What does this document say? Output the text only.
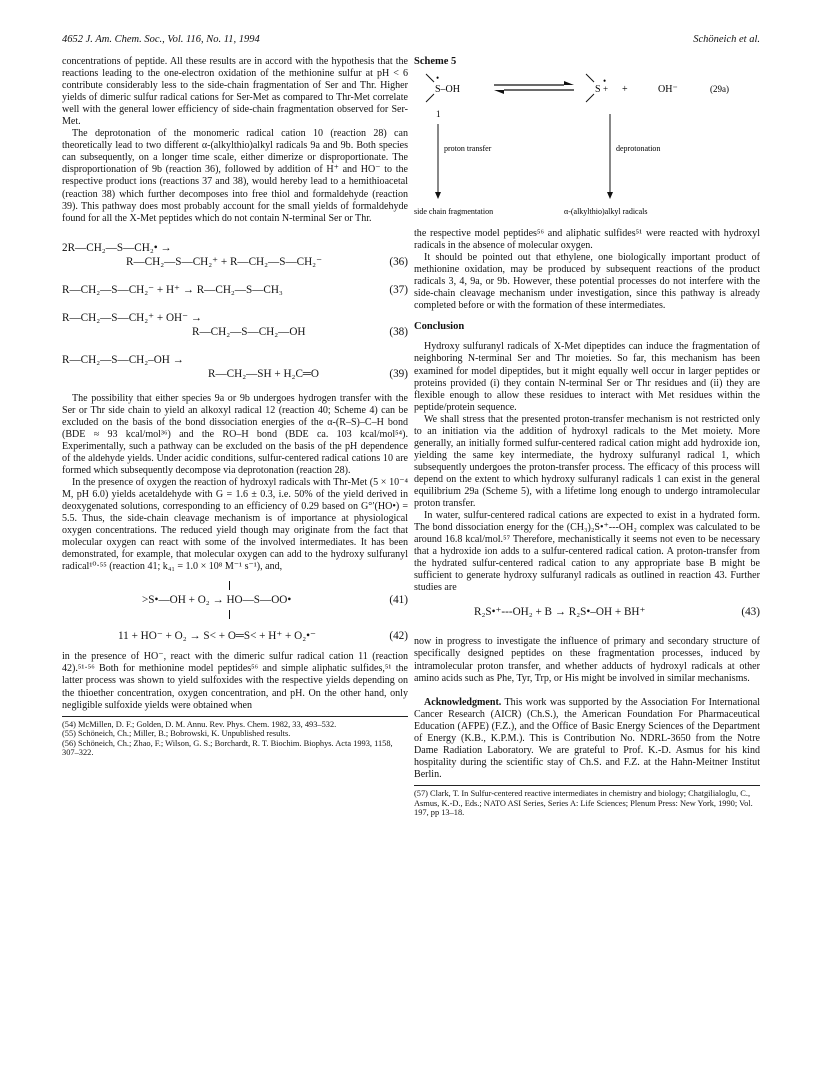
4652 J. Am. Chem. Soc., Vol. 116, No. 11, 1994	Schöneich et al.

concentrations of peptide. All these results are in accord with the hypothesis that the reactions leading to the one-electron oxidation of the methionine sulfur at pH < 6 contribute considerably less to the side-chain fragmentation of Ser and Thr. Higher yields of dimeric sulfur radical cations for Ser-Met as compared to Thr-Met correlate well with the general lower efficiency of side-chain fragmentation observed for Ser-Met.

The deprotonation of the monomeric radical cation 10 (reaction 28) can theoretically lead to two different α-(alkylthio)alkyl radicals 9a and 9b. Both species can subsequently, on a longer time scale, either dimerize or disproportionate. The disproportionation of 9b (reaction 36), followed by addition of H⁺ and HO⁻ to the respective product ions (reactions 37 and 38), would hereby lead to a hemithioacetal (reaction 38) which further decomposes into free thiol and formaldehyde (reaction 39). This pathway does most probably account for the small yields of formaldehyde found for all the X-Met peptides which do not contain N-terminal Ser or Thr.

2R—CH₂—S—CH₂• →
R—CH₂—S—CH₂⁺ + R—CH₂—S—CH₂⁻	(36)

R—CH₂—S—CH₂⁻ + H⁺ → R—CH₂—S—CH₃	(37)

R—CH₂—S—CH₂⁺ + OH⁻ →
R—CH₂—S—CH₂—OH	(38)

R—CH₂—S—CH₂–OH →
R—CH₂—SH + H₂C═O	(39)

The possibility that either species 9a or 9b undergoes hydrogen transfer with the Ser or Thr side chain to yield an alkoxyl radical 12 (reaction 40; Scheme 4) can be excluded on the basis of the bond dissociation energies of the α-(R–S)–C–H bond (BDE ≈ 93 kcal/mol³⁶) and the RO–H bond (BDE ca. 103 kcal/mol⁵⁴). Experimentally, such a pathway can be excluded on the basis of the pH dependence of the aldehyde yields. Under acidic conditions, sulfur-centered radical cations 10 are formed which subsequently decompose via deprotonation (reaction 28).

In the presence of oxygen the reaction of hydroxyl radicals with Thr-Met (5 × 10⁻⁴ M, pH 6.0) yields acetaldehyde with G = 1.6 ± 0.3, i.e. 50% of the yield derived in deoxygenated solutions, corresponding to an efficiency of 0.29 based on G°′(HO•) = 5.5. Thus, the side-chain cleavage mechanism is of importance at physiological oxygen concentrations. The reduced yield though may originate from the fact that molecular oxygen can react with some of the involved intermediates. It has been demonstrated, for example, that molecular oxygen can add to the hydroxy sulfuranyl radical¹⁰·⁵⁵ (reaction 41; k₄₁ = 1.0 × 10⁸ M⁻¹ s⁻¹), and,

>S•—OH + O₂ → HO—S—OO•	(41)

11 + HO⁻ + O₂ → S< + O═S< + H⁺ + O₂•⁻	(42)

in the presence of HO⁻, react with the dimeric sulfur radical cation 11 (reaction 42).⁵¹·⁵⁶ Both for methionine model peptides⁵⁶ and simple aliphatic sulfides,⁵¹ the latter process was shown to yield sulfoxides with the respective yields depending on the thioether concentration, oxygen concentration, and pH. On the other hand, only negligible sulfoxide yields were obtained when

(54) McMillen, D. F.; Golden, D. M. Annu. Rev. Phys. Chem. 1982, 33, 493–532.

(55) Schöneich, Ch.; Miller, B.; Bobrowski, K. Unpublished results.

(56) Schöneich, Ch.; Zhao, F.; Wilson, G. S.; Borchardt, R. T. Biochim. Biophys. Acta 1993, 1158, 307–322.

Scheme 5
S–OH
•
1
S
•
+ +	OH⁻	(29a)
proton transfer	deprotonation
side chain fragmentation	α-(alkylthio)alkyl radicals

the respective model peptides⁵⁶ and aliphatic sulfides⁵¹ were reacted with hydroxyl radicals in the absence of molecular oxygen.

It should be pointed out that ethylene, one biologically important product of methionine oxidation, may be produced by subsequent reactions of the product radicals 3, 4, 9a, or 9b. However, these potential processes do not interfere with the side-chain cleavage mechanism under investigation, since this pathway is already completed before or with the formation of these intermediates.

Conclusion

Hydroxy sulfuranyl radicals of X-Met dipeptides can induce the fragmentation of neighboring N-terminal Ser and Thr moieties. So far, this mechanism has been examined for model dipeptides, but it might equally well occur in larger peptides or proteins provided (i) they contain N-terminal Ser or Thr residues and (ii) they are flexible enough to allow these residues to interact with Met residues within the peptide/protein sequence.

We shall stress that the presented proton-transfer mechanism is not restricted only to an initiation via the addition of hydroxyl radicals to the Met moiety. More generally, an initially formed sulfur-centered radical cation might add hydroxide ion, yielding the same key intermediate, the hydroxy sulfuranyl radical 1, which subsequently undergoes the proton-transfer process. The efficacy of this process will depend on the extent to which hydroxy sulfuranyl radicals 1 can exist in the general equilibrium 29a (Scheme 5), with a lifetime long enough to undergo intramolecular proton transfer.

In water, sulfur-centered radical cations are expected to exist in a hydrated form. The bond dissociation energy for the (CH₃)₂S•⁺---OH₂ complex was calculated to be around 16.8 kcal/mol.⁵⁷ Therefore, mechanistically it seems not even to be necessary that a hydroxide ion adds to a sulfur-centered radical cation. A proton-transfer from the hydrated sulfur-centered radical cation to any appropriate base B might be sufficient to generate hydroxy sulfuranyl radicals as outlined in reaction 43. Further studies are

R₂S•⁺---OH₂ + B → R₂S•–OH + BH⁺	(43)

now in progress to investigate the influence of primary and secondary structure of specifically designed peptides on these fragmentation processes, induced by intramolecular proton transfer, and whether adducts of hydroxyl radicals at other amino acids such as Phe, Tyr, Trp, or His might be involved in similar mechanisms.

Acknowledgment. This work was supported by the Association For International Cancer Research (AICR) (Ch.S.), the American Foundation For Pharmaceutical Education (AFPE) (F.Z.), and the Office of Basic Energy Sciences of the Department of Energy (K.B., K.P.M.). This is Contribution No. NDRL-3650 from the Notre Dame Radiation Laboratory. We are grateful to Prof. K.-D. Asmus for his kind hospitality during the scientific stay of Ch.S. and F.Z. at the Hahn-Meitner Institut Berlin.

(57) Clark, T. In Sulfur-centered reactive intermediates in chemistry and biology; Chatgilialoglu, C., Asmus, K.-D., Eds.; NATO ASI Series, Series A: Life Sciences; Plenum Press: New York, 1990; Vol. 197, pp 13–18.
